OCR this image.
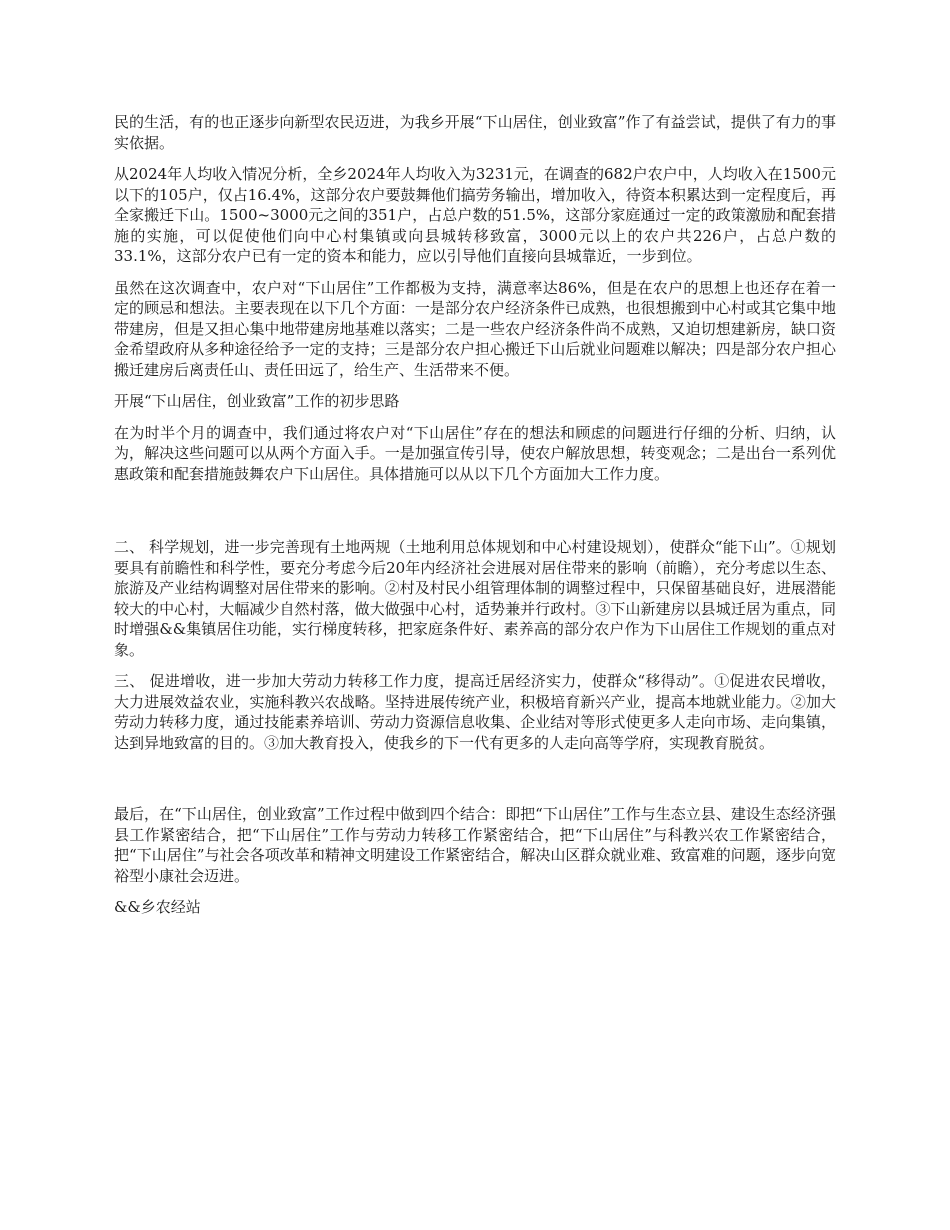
民的生活，有的也正逐步向新型农民迈进，为我乡开展“下山居住，创业致富”作了有益尝试，提供了有力的事实依据。

从2024年人均收入情况分析，全乡2024年人均收入为3231元，在调查的682户农户中，人均收入在1500元以下的105户，仅占16.4%，这部分农户要鼓舞他们搞劳务输出，增加收入，待资本积累达到一定程度后，再全家搬迁下山。1500~3000元之间的351户，占总户数的51.5%，这部分家庭通过一定的政策激励和配套措施的实施，可以促使他们向中心村集镇或向县城转移致富，3000元以上的农户共226户，占总户数的33.1%，这部分农户已有一定的资本和能力，应以引导他们直接向县城靠近，一步到位。

虽然在这次调查中，农户对“下山居住”工作都极为支持，满意率达86%，但是在农户的思想上也还存在着一定的顾忌和想法。主要表现在以下几个方面：一是部分农户经济条件已成熟，也很想搬到中心村或其它集中地带建房，但是又担心集中地带建房地基难以落实；二是一些农户经济条件尚不成熟，又迫切想建新房，缺口资金希望政府从多种途径给予一定的支持；三是部分农户担心搬迁下山后就业问题难以解决；四是部分农户担心搬迁建房后离责任山、责任田远了，给生产、生活带来不便。

开展“下山居住，创业致富”工作的初步思路

在为时半个月的调查中，我们通过将农户对“下山居住”存在的想法和顾虑的问题进行仔细的分析、归纳，认为，解决这些问题可以从两个方面入手。一是加强宣传引导，使农户解放思想，转变观念；二是出台一系列优惠政策和配套措施鼓舞农户下山居住。具体措施可以从以下几个方面加大工作力度。

二、 科学规划，进一步完善现有土地两规（土地利用总体规划和中心村建设规划），使群众“能下山”。①规划要具有前瞻性和科学性，要充分考虑今后20年内经济社会进展对居住带来的影响（前瞻），充分考虑以生态、旅游及产业结构调整对居住带来的影响。②村及村民小组管理体制的调整过程中，只保留基础良好，进展潜能较大的中心村，大幅减少自然村落，做大做强中心村，适势兼并行政村。③下山新建房以县城迁居为重点，同时增强&&集镇居住功能，实行梯度转移，把家庭条件好、素养高的部分农户作为下山居住工作规划的重点对象。

三、 促进增收，进一步加大劳动力转移工作力度，提高迁居经济实力，使群众“移得动”。①促进农民增收，大力进展效益农业，实施科教兴农战略。坚持进展传统产业，积极培育新兴产业，提高本地就业能力。②加大劳动力转移力度，通过技能素养培训、劳动力资源信息收集、企业结对等形式使更多人走向市场、走向集镇，达到异地致富的目的。③加大教育投入，使我乡的下一代有更多的人走向高等学府，实现教育脱贫。

最后，在“下山居住，创业致富”工作过程中做到四个结合：即把“下山居住”工作与生态立县、建设生态经济强县工作紧密结合，把“下山居住”工作与劳动力转移工作紧密结合，把“下山居住”与科教兴农工作紧密结合，把“下山居住”与社会各项改革和精神文明建设工作紧密结合，解决山区群众就业难、致富难的问题，逐步向宽裕型小康社会迈进。

&&乡农经站
